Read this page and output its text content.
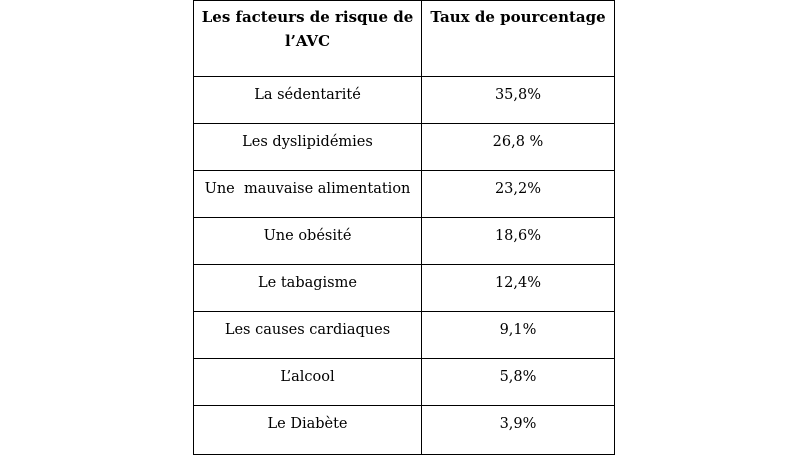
Les facteurs de risque de l’AVC	Taux de pourcentage
La sédentarité	35,8%
Les dyslipidémies	26,8 %
Une  mauvaise alimentation	23,2%
Une obésité	18,6%
Le tabagisme	12,4%
Les causes cardiaques	9,1%
L’alcool	5,8%
Le Diabète	3,9%
